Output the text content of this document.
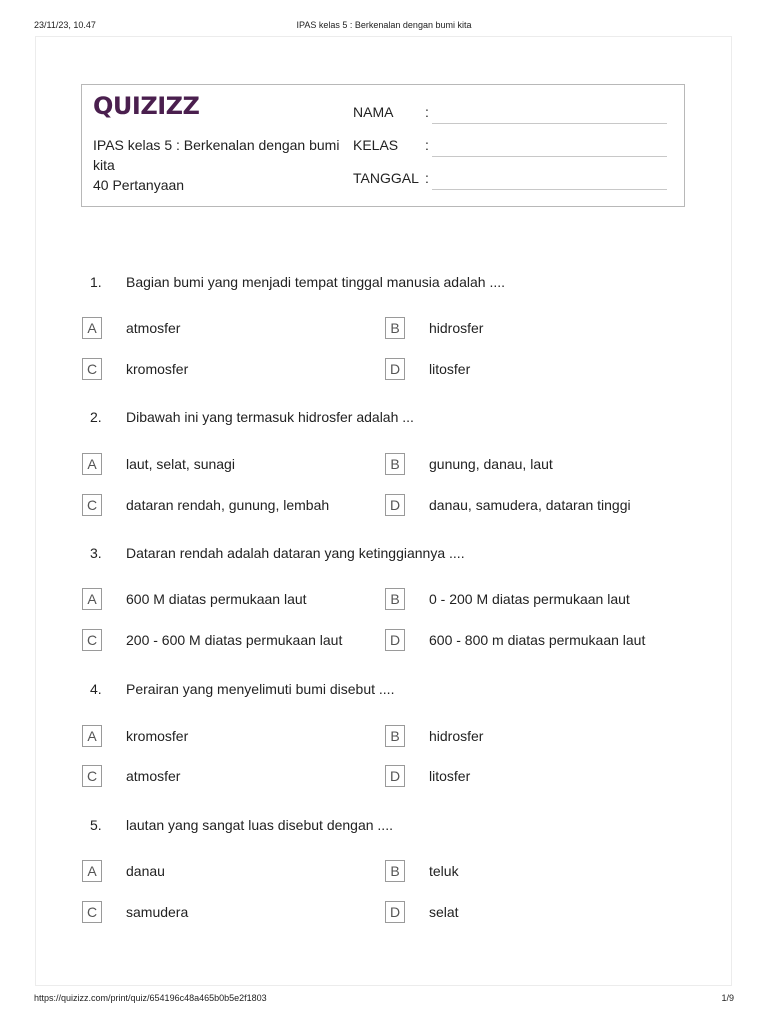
23/11/23, 10.47	IPAS kelas 5 : Berkenalan dengan bumi kita
QUIZIZZ
IPAS kelas 5 : Berkenalan dengan bumi kita
40 Pertanyaan
NAMA :
KELAS :
TANGGAL :
1. Bagian bumi yang menjadi tempat tinggal manusia adalah ....
A	atmosfer	B	hidrosfer
C	kromosfer	D	litosfer
2. Dibawah ini yang termasuk hidrosfer adalah ...
A	laut, selat, sunagi	B	gunung, danau, laut
C	dataran rendah, gunung, lembah	D	danau, samudera, dataran tinggi
3. Dataran rendah adalah dataran yang ketinggiannya ....
A	600 M diatas permukaan laut	B	0 - 200 M diatas permukaan laut
C	200 - 600 M diatas permukaan laut	D	600 - 800 m diatas permukaan laut
4. Perairan yang menyelimuti bumi disebut ....
A	kromosfer	B	hidrosfer
C	atmosfer	D	litosfer
5. lautan yang sangat luas disebut dengan ....
A	danau	B	teluk
C	samudera	D	selat
https://quizizz.com/print/quiz/654196c48a465b0b5e2f1803	1/9
